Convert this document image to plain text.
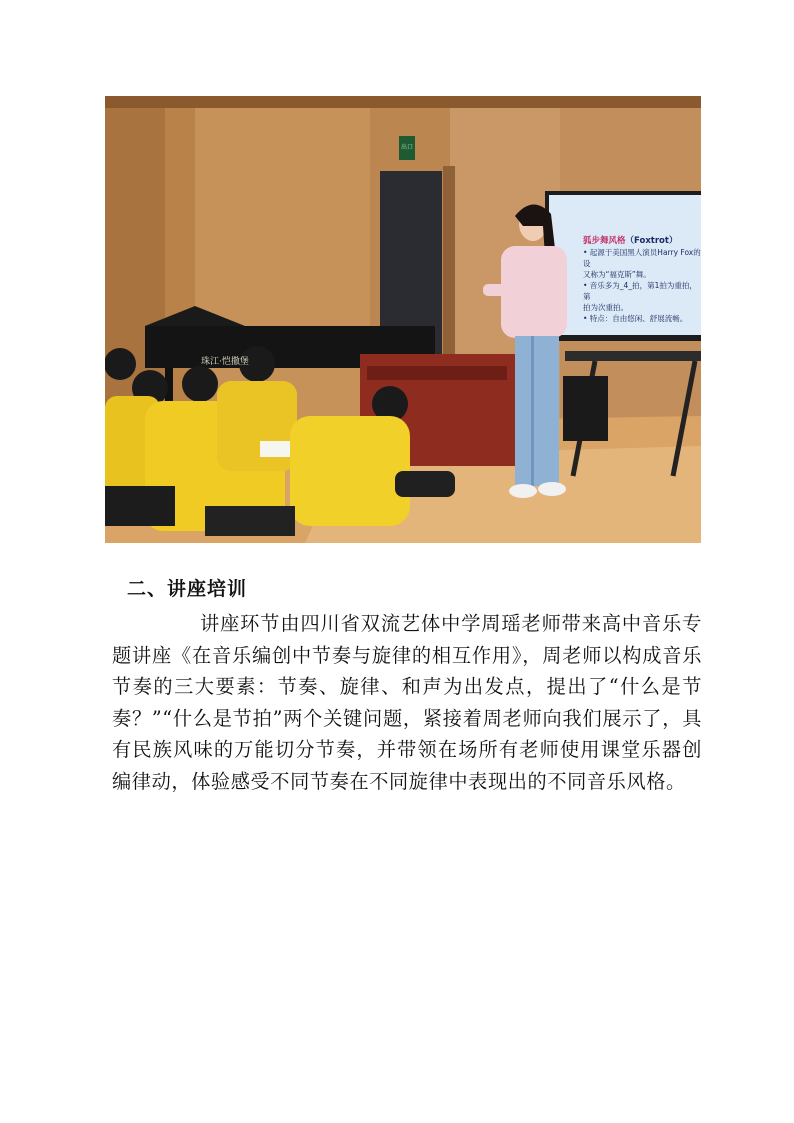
狐步舞风格（Foxtrot）
• 起源于美国黑人演员Harry Fox的设
又称为“福克斯”舞。
• 音乐多为_4_拍，第1拍为重拍，第
拍为次重拍。
• 特点：自由悠闲、舒展流畅。
珠江·恺撒堡
出口
二、讲座培训
讲座环节由四川省双流艺体中学周瑶老师带来高中音乐专题讲座《在音乐编创中节奏与旋律的相互作用》，周老师以构成音乐节奏的三大要素：节奏、旋律、和声为出发点，提出了“什么是节奏？”“什么是节拍”两个关键问题，紧接着周老师向我们展示了，具有民族风味的万能切分节奏，并带领在场所有老师使用课堂乐器创编律动，体验感受不同节奏在不同旋律中表现出的不同音乐风格。
